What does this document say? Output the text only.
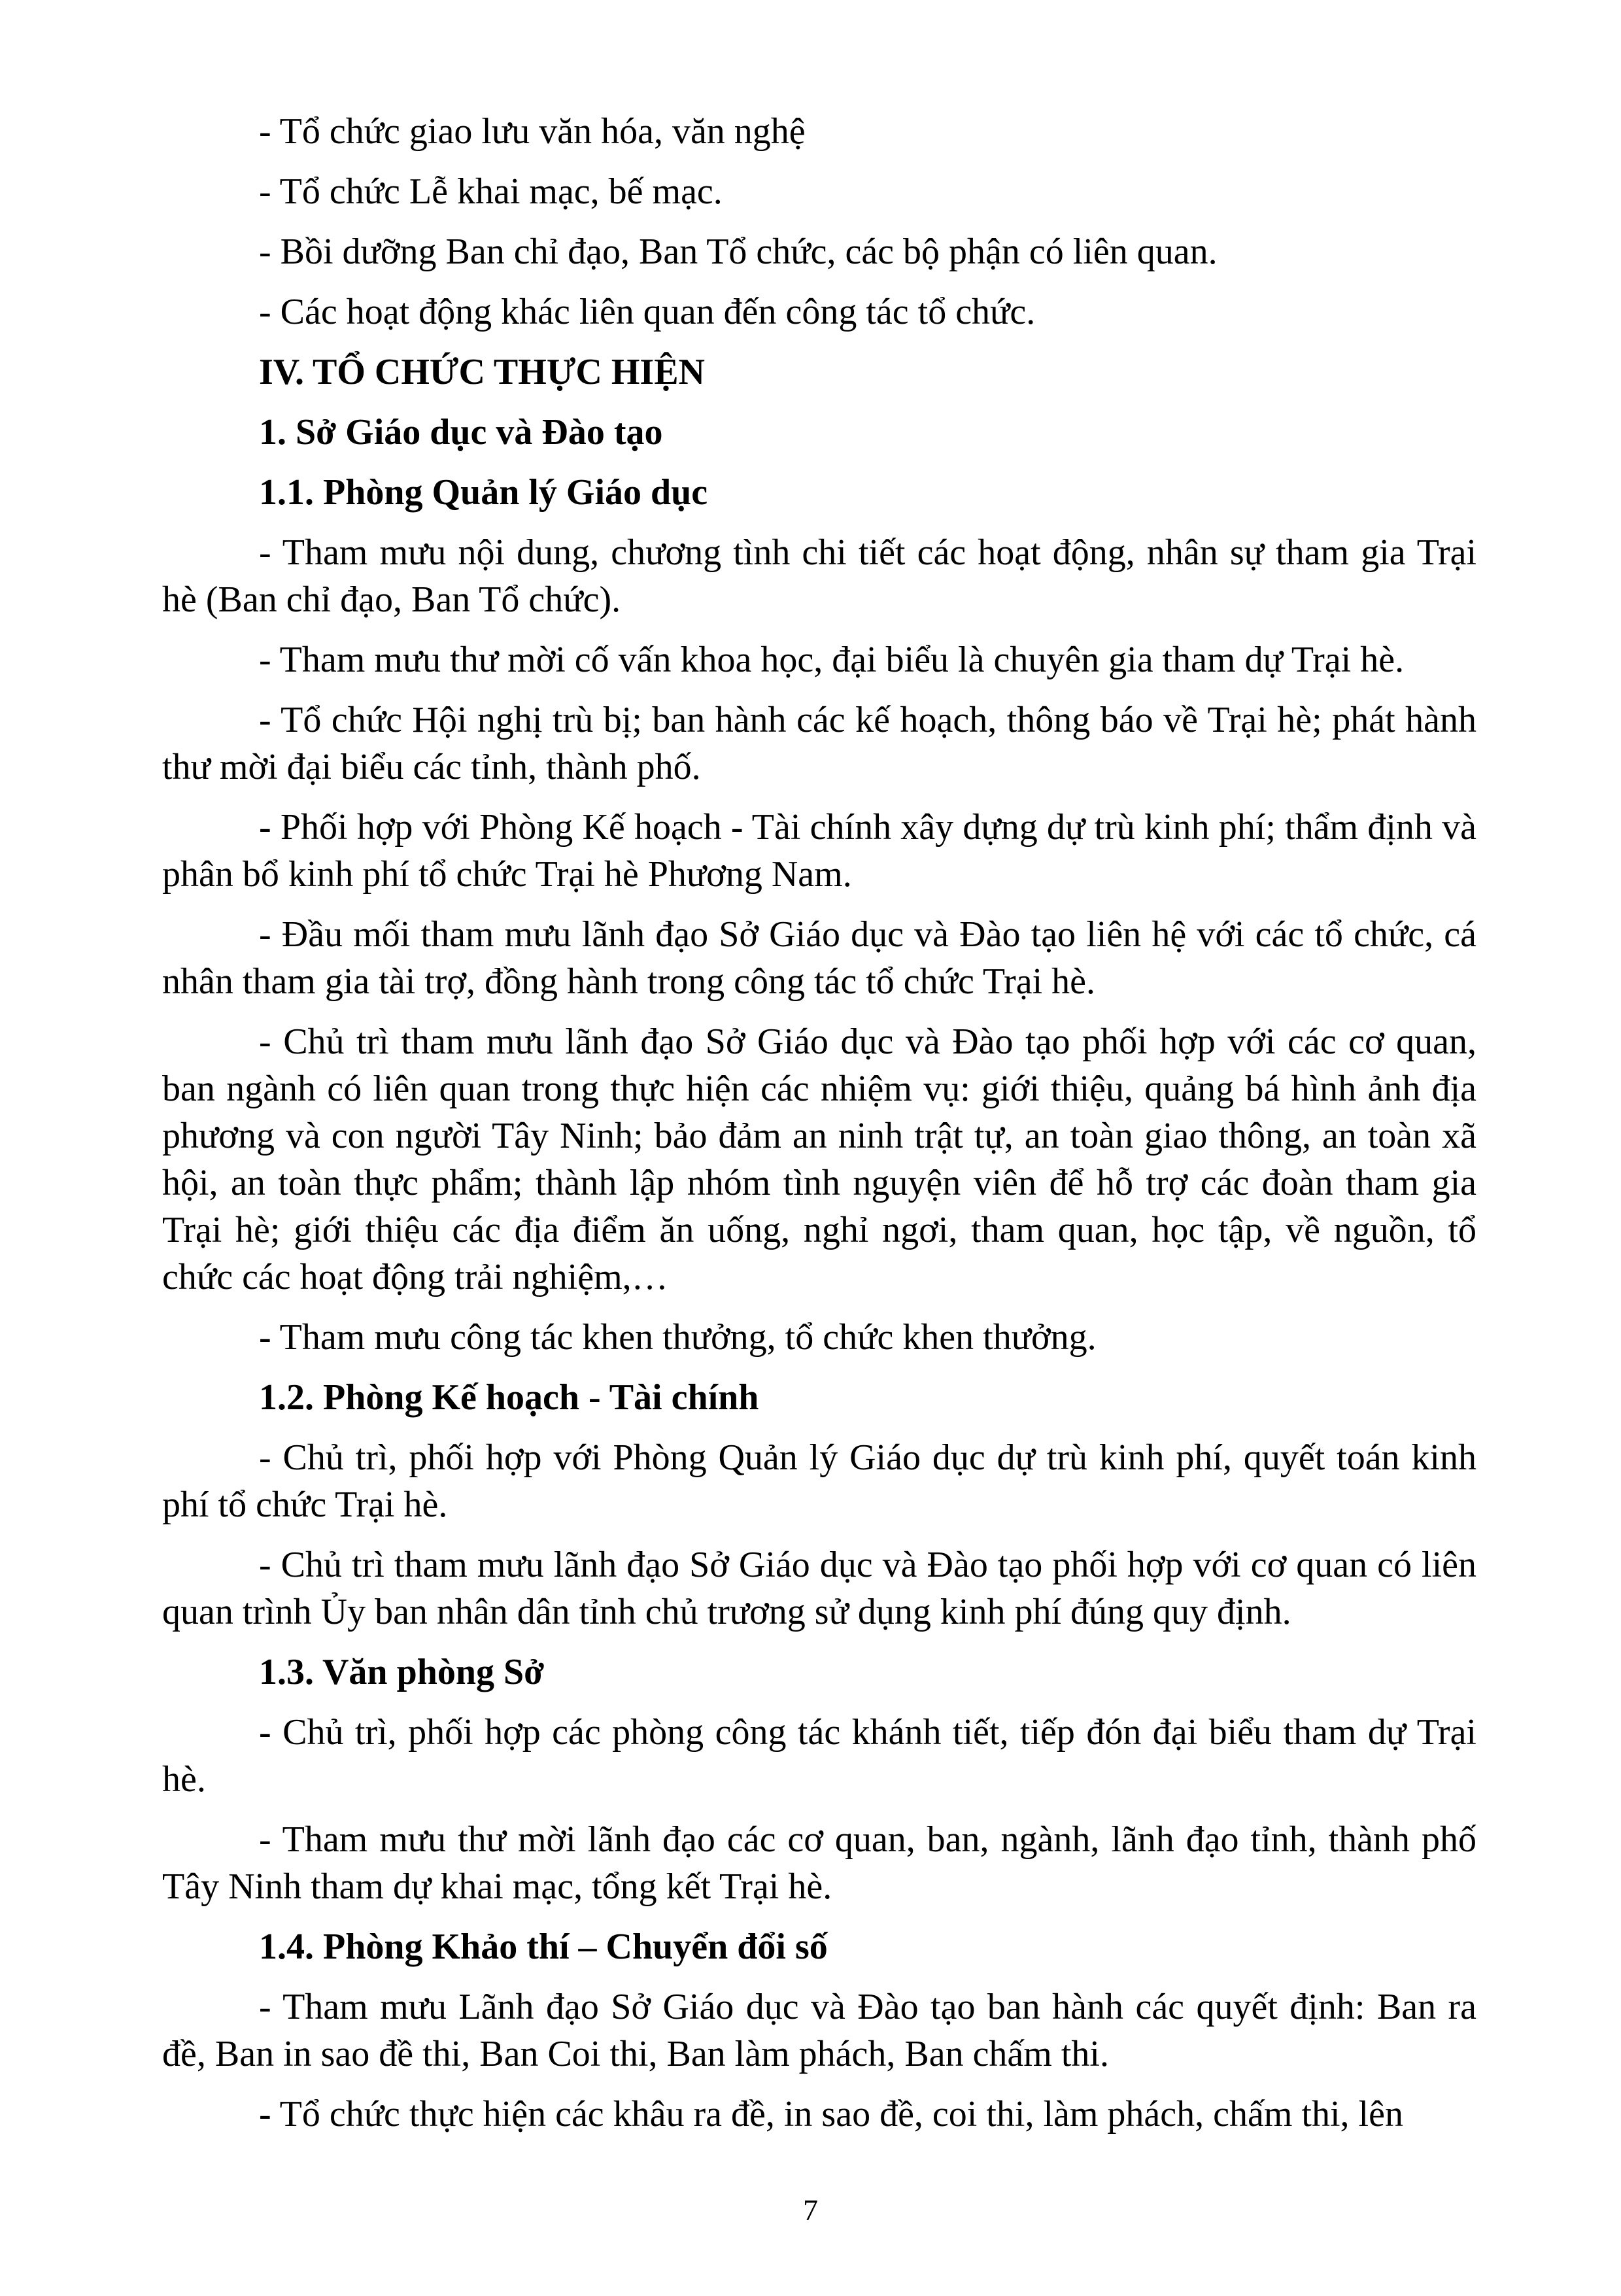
- Tổ chức giao lưu văn hóa, văn nghệ

- Tổ chức Lễ khai mạc, bế mạc.

- Bồi dưỡng Ban chỉ đạo, Ban Tổ chức, các bộ phận có liên quan.

- Các hoạt động khác liên quan đến công tác tổ chức.

IV. TỔ CHỨC THỰC HIỆN

1. Sở Giáo dục và Đào tạo

1.1. Phòng Quản lý Giáo dục

- Tham mưu nội dung, chương tình chi tiết các hoạt động, nhân sự tham gia Trại hè (Ban chỉ đạo, Ban Tổ chức).

- Tham mưu thư mời cố vấn khoa học, đại biểu là chuyên gia tham dự Trại hè.

- Tổ chức Hội nghị trù bị; ban hành các kế hoạch, thông báo về Trại hè; phát hành thư mời đại biểu các tỉnh, thành phố.

- Phối hợp với Phòng Kế hoạch - Tài chính xây dựng dự trù kinh phí; thẩm định và phân bổ kinh phí tổ chức Trại hè Phương Nam.

- Đầu mối tham mưu lãnh đạo Sở Giáo dục và Đào tạo liên hệ với các tổ chức, cá nhân tham gia tài trợ, đồng hành trong công tác tổ chức Trại hè.

- Chủ trì tham mưu lãnh đạo Sở Giáo dục và Đào tạo phối hợp với các cơ quan, ban ngành có liên quan trong thực hiện các nhiệm vụ: giới thiệu, quảng bá hình ảnh địa phương và con người Tây Ninh; bảo đảm an ninh trật tự, an toàn giao thông, an toàn xã hội, an toàn thực phẩm; thành lập nhóm tình nguyện viên để hỗ trợ các đoàn tham gia Trại hè; giới thiệu các địa điểm ăn uống, nghỉ ngơi, tham quan, học tập, về nguồn, tổ chức các hoạt động trải nghiệm,…

- Tham mưu công tác khen thưởng, tổ chức khen thưởng.

1.2. Phòng Kế hoạch - Tài chính

- Chủ trì, phối hợp với Phòng Quản lý Giáo dục dự trù kinh phí, quyết toán kinh phí tổ chức Trại hè.

- Chủ trì tham mưu lãnh đạo Sở Giáo dục và Đào tạo phối hợp với cơ quan có liên quan trình Ủy ban nhân dân tỉnh chủ trương sử dụng kinh phí đúng quy định.

1.3. Văn phòng Sở

- Chủ trì, phối hợp các phòng công tác khánh tiết, tiếp đón đại biểu tham dự Trại hè.

- Tham mưu thư mời lãnh đạo các cơ quan, ban, ngành, lãnh đạo tỉnh, thành phố Tây Ninh tham dự khai mạc, tổng kết Trại hè.

1.4. Phòng Khảo thí – Chuyển đổi số

- Tham mưu Lãnh đạo Sở Giáo dục và Đào tạo ban hành các quyết định: Ban ra đề, Ban in sao đề thi, Ban Coi thi, Ban làm phách, Ban chấm thi.

- Tổ chức thực hiện các khâu ra đề, in sao đề, coi thi, làm phách, chấm thi, lên

7
